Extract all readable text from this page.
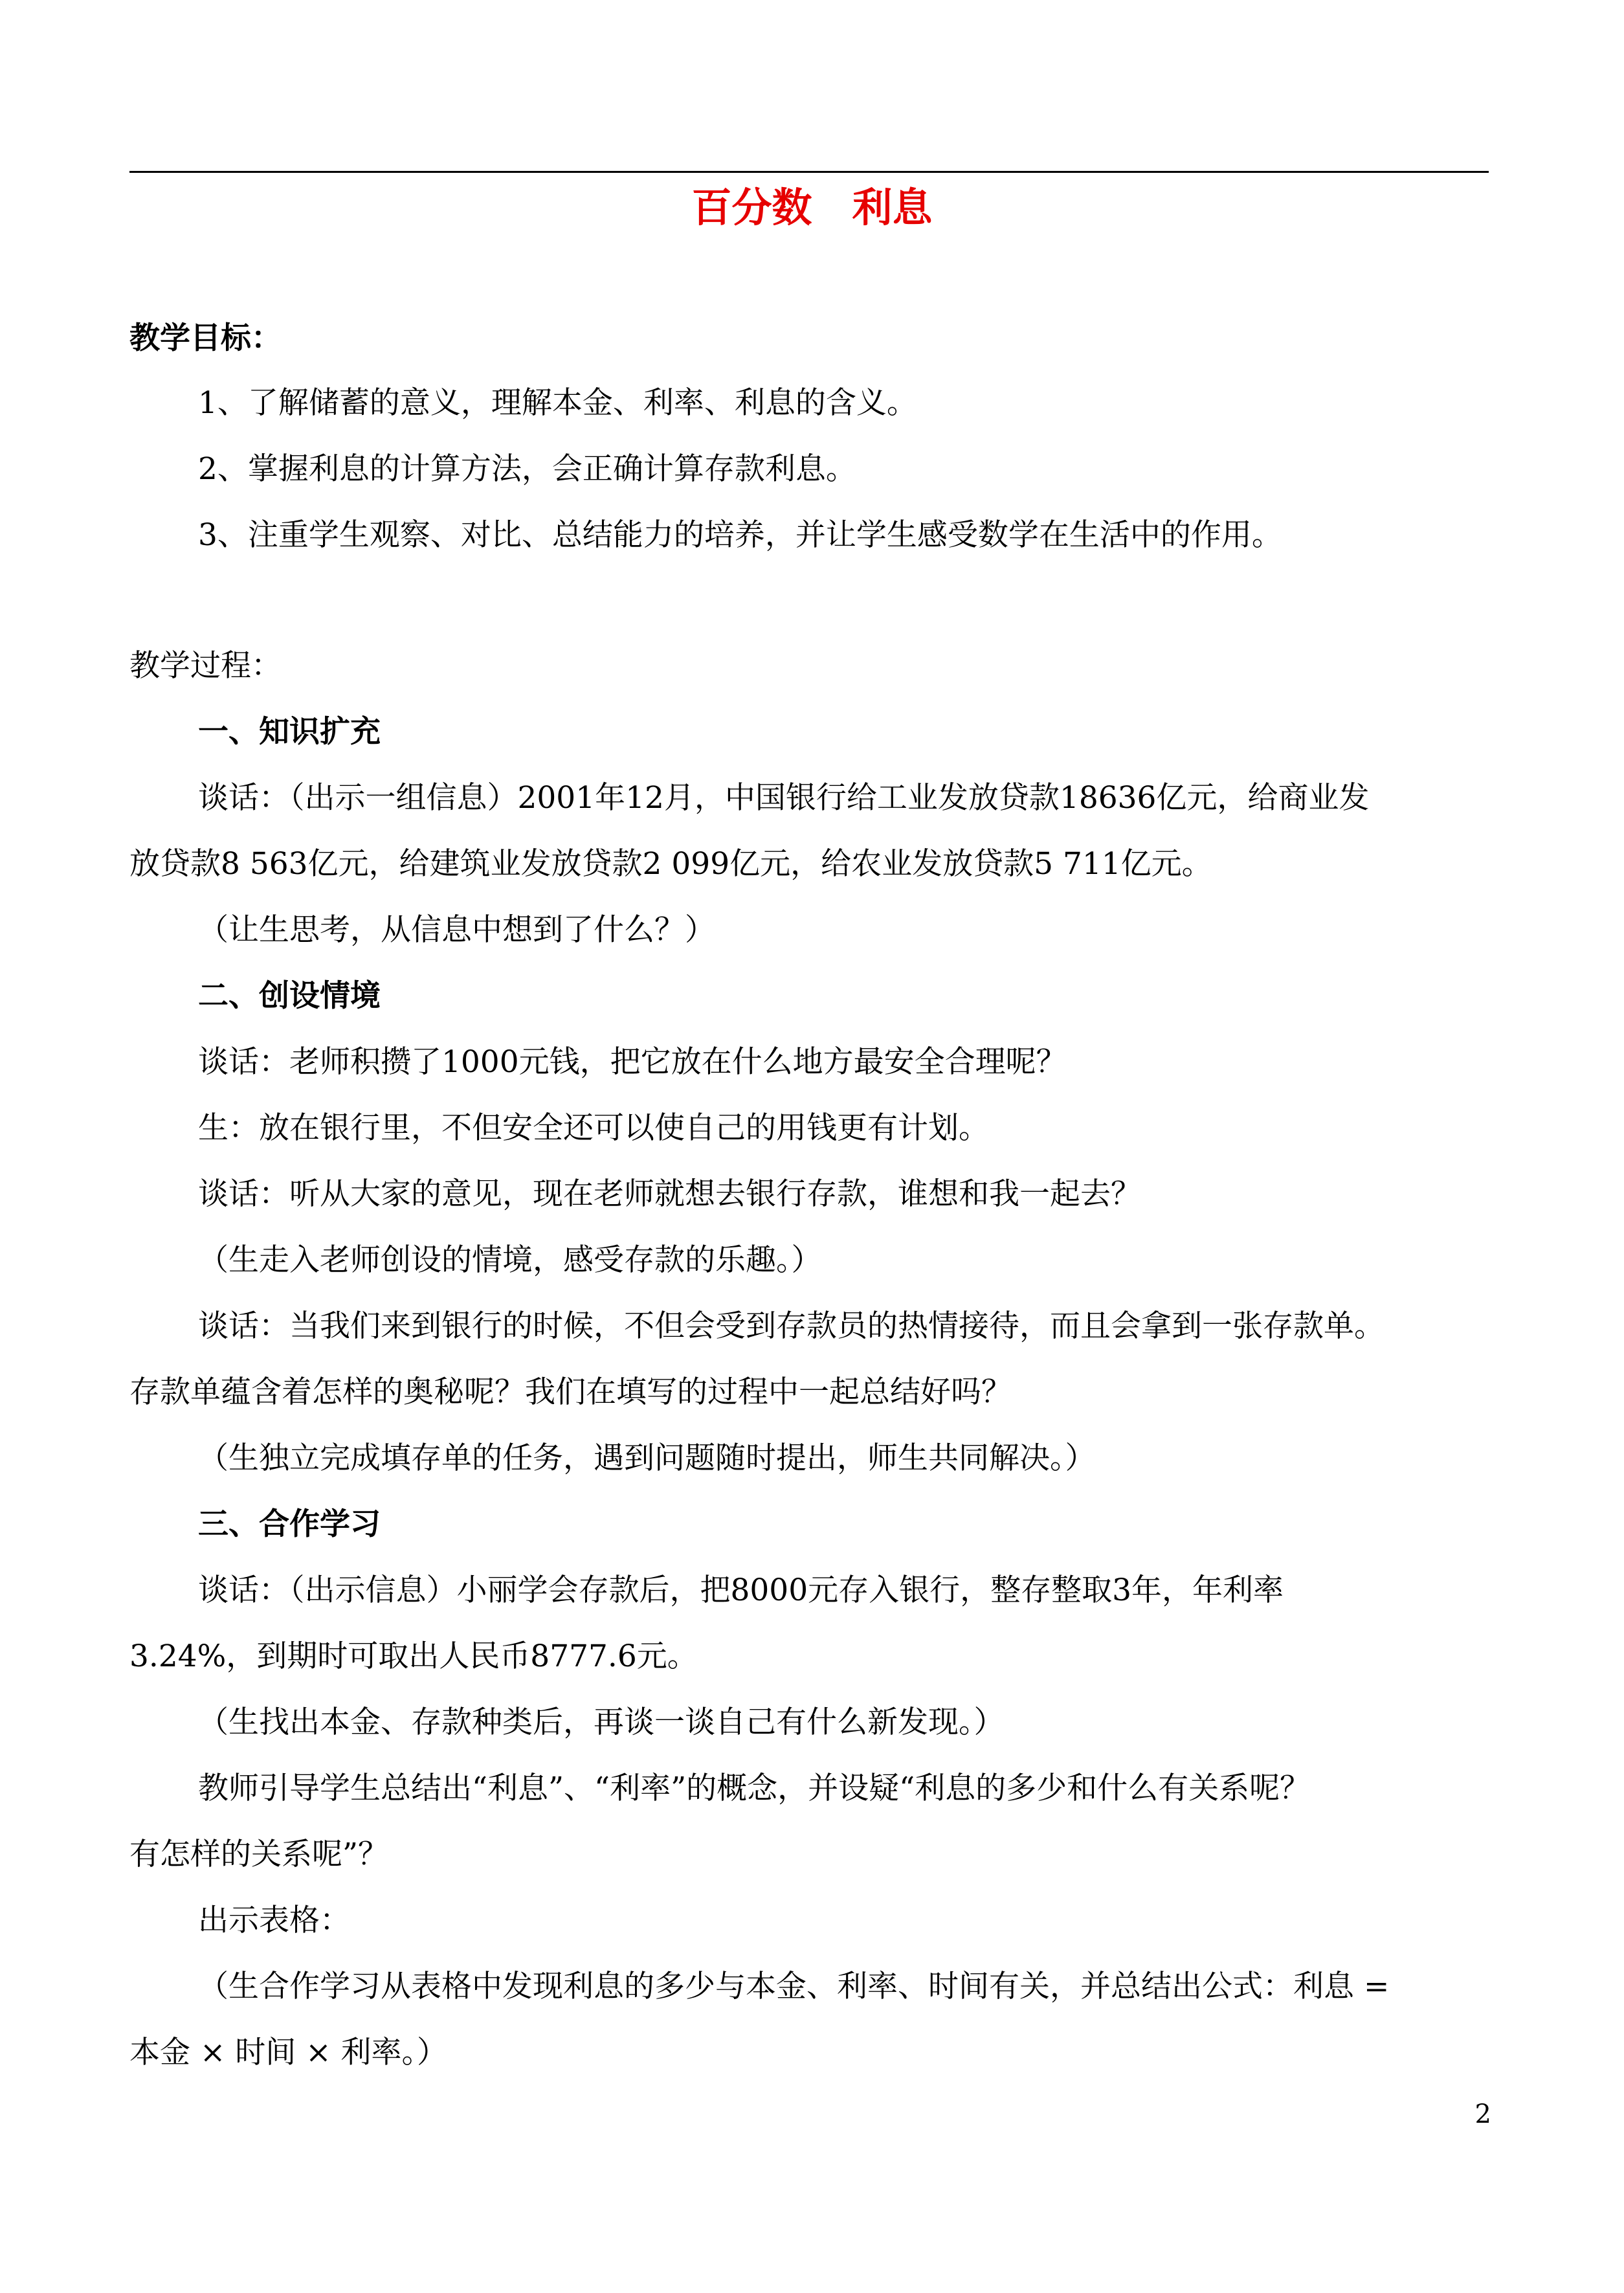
百分数　利息
教学目标：
1、了解储蓄的意义，理解本金、利率、利息的含义。
2、掌握利息的计算方法，会正确计算存款利息。
3、注重学生观察、对比、总结能力的培养，并让学生感受数学在生活中的作用。
教学过程：
一、知识扩充
谈话：（出示一组信息）2001年12月，中国银行给工业发放贷款18636亿元，给商业发
放贷款8 563亿元，给建筑业发放贷款2 099亿元，给农业发放贷款5 711亿元。
（让生思考，从信息中想到了什么？）
二、创设情境
谈话：老师积攒了1000元钱，把它放在什么地方最安全合理呢？
生：放在银行里，不但安全还可以使自己的用钱更有计划。
谈话：听从大家的意见，现在老师就想去银行存款，谁想和我一起去？
（生走入老师创设的情境，感受存款的乐趣。）
谈话：当我们来到银行的时候，不但会受到存款员的热情接待，而且会拿到一张存款单。
存款单蕴含着怎样的奥秘呢？我们在填写的过程中一起总结好吗？
（生独立完成填存单的任务，遇到问题随时提出，师生共同解决。）
三、合作学习
谈话：（出示信息）小丽学会存款后，把8000元存入银行，整存整取3年，年利率
3.24%，到期时可取出人民币8777.6元。
（生找出本金、存款种类后，再谈一谈自己有什么新发现。）
教师引导学生总结出“利息”、“利率”的概念，并设疑“利息的多少和什么有关系呢？
有怎样的关系呢”？
出示表格：
（生合作学习从表格中发现利息的多少与本金、利率、时间有关，并总结出公式：利息 =
本金 × 时间 × 利率。）
2
